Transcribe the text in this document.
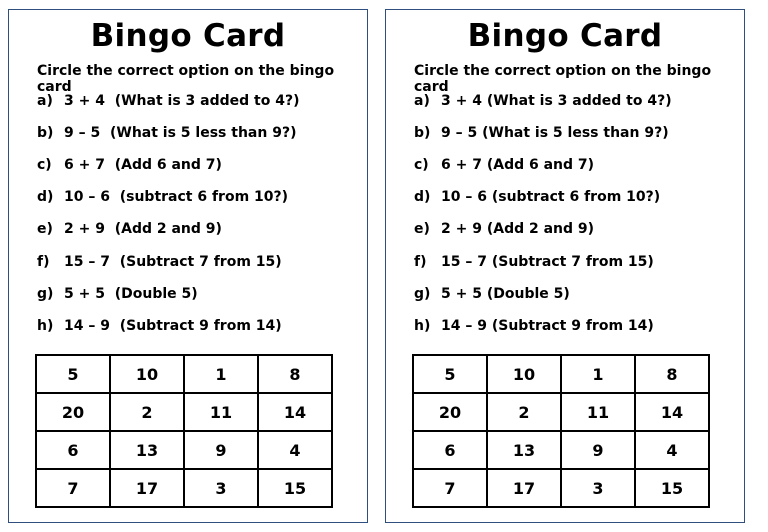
Bingo Card
Circle the correct option on the bingo card
a) 3 + 4  (What is 3 added to 4?)
b) 9 – 5  (What is 5 less than 9?)
c) 6 + 7  (Add 6 and 7)
d) 10 – 6  (subtract 6 from 10?)
e) 2 + 9  (Add 2 and 9)
f) 15 – 7  (Subtract 7 from 15)
g) 5 + 5  (Double 5)
h) 14 – 9  (Subtract 9 from 14)
5	10	1	8
20	2	11	14
6	13	9	4
7	17	3	15
Bingo Card
Circle the correct option on the bingo card
a) 3 + 4 (What is 3 added to 4?)
b) 9 – 5 (What is 5 less than 9?)
c) 6 + 7 (Add 6 and 7)
d) 10 – 6 (subtract 6 from 10?)
e) 2 + 9 (Add 2 and 9)
f) 15 – 7 (Subtract 7 from 15)
g) 5 + 5 (Double 5)
h) 14 – 9 (Subtract 9 from 14)
5	10	1	8
20	2	11	14
6	13	9	4
7	17	3	15
